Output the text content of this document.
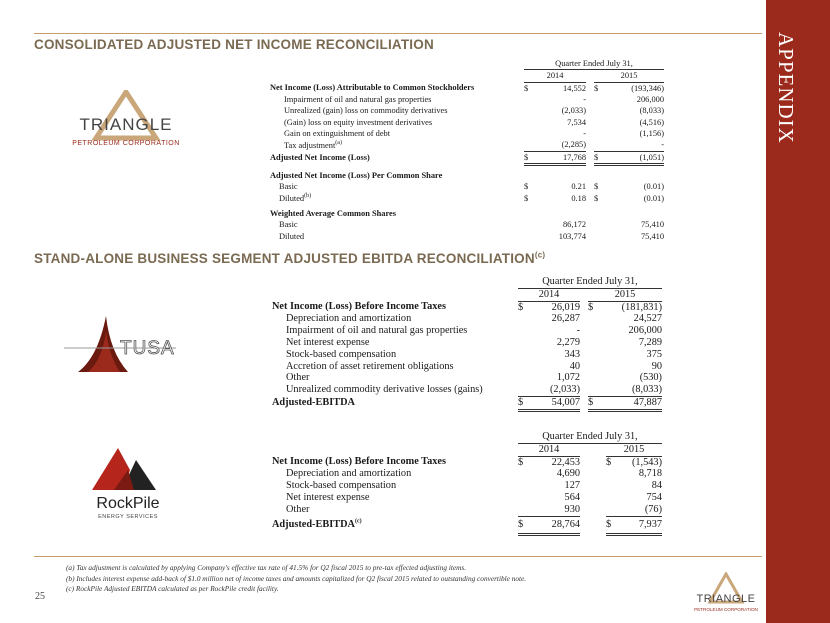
APPENDIX
CONSOLIDATED ADJUSTED NET INCOME RECONCILIATION
TRIANGLE
PETROLEUM CORPORATION
	Quarter Ended July 31,				
	2014			2015	
Net Income (Loss) Attributable to Common Stockholders	$	14,552		$	(193,346)
Impairment of oil and natural gas properties		-			206,000
Unrealized (gain) loss on commodity derivatives		(2,033)			(8,033)
(Gain) loss on equity investment derivatives		7,534			(4,516)
Gain on extinguishment of debt		-			(1,156)
Tax adjustment$^{(a)}$		(2,285)			-
Adjusted Net Income (Loss)	$	17,768		$	(1,051)

Adjusted Net Income (Loss) Per Common Share					
Basic	$	0.21		$	(0.01)
Diluted$^{(b)}$	$	0.18		$	(0.01)

Weighted Average Common Shares					
Basic		86,172			75,410
Diluted		103,774			75,410
STAND-ALONE BUSINESS SEGMENT ADJUSTED EBITDA RECONCILIATION$^{(c)}$
TUSA
	Quarter Ended July 31,				
	2014			2015	
Net Income (Loss) Before Income Taxes	$	26,019		$	(181,831)
Depreciation and amortization		26,287			24,527
Impairment of oil and natural gas properties		-			206,000
Net interest expense		2,279			7,289
Stock-based compensation		343			375
Accretion of asset retirement obligations		40			90
Other		1,072			(530)
Unrealized commodity derivative losses (gains)		(2,033)			(8,033)
Adjusted-EBITDA	$	54,007		$	47,887
RockPile
ENERGY SERVICES
	Quarter Ended July 31,				
	2014			2015	
Net Income (Loss) Before Income Taxes	$	22,453		$	(1,543)
Depreciation and amortization		4,690			8,718
Stock-based compensation		127			84
Net interest expense		564			754
Other		930			(76)
Adjusted-EBITDA$^{(c)}$	$	28,764		$	7,937
(a) Tax adjustment is calculated by applying Company's effective tax rate of 41.5% for Q2 fiscal 2015 to pre-tax effected adjusting items.
(b) Includes interest expense add-back of $1.0 million net of income taxes and amounts capitalized for Q2 fiscal 2015 related to outstanding convertible note.
(c) RockPile Adjusted EBITDA calculated as per RockPile credit facility.
25	TRIANGLE
PETROLEUM CORPORATION
